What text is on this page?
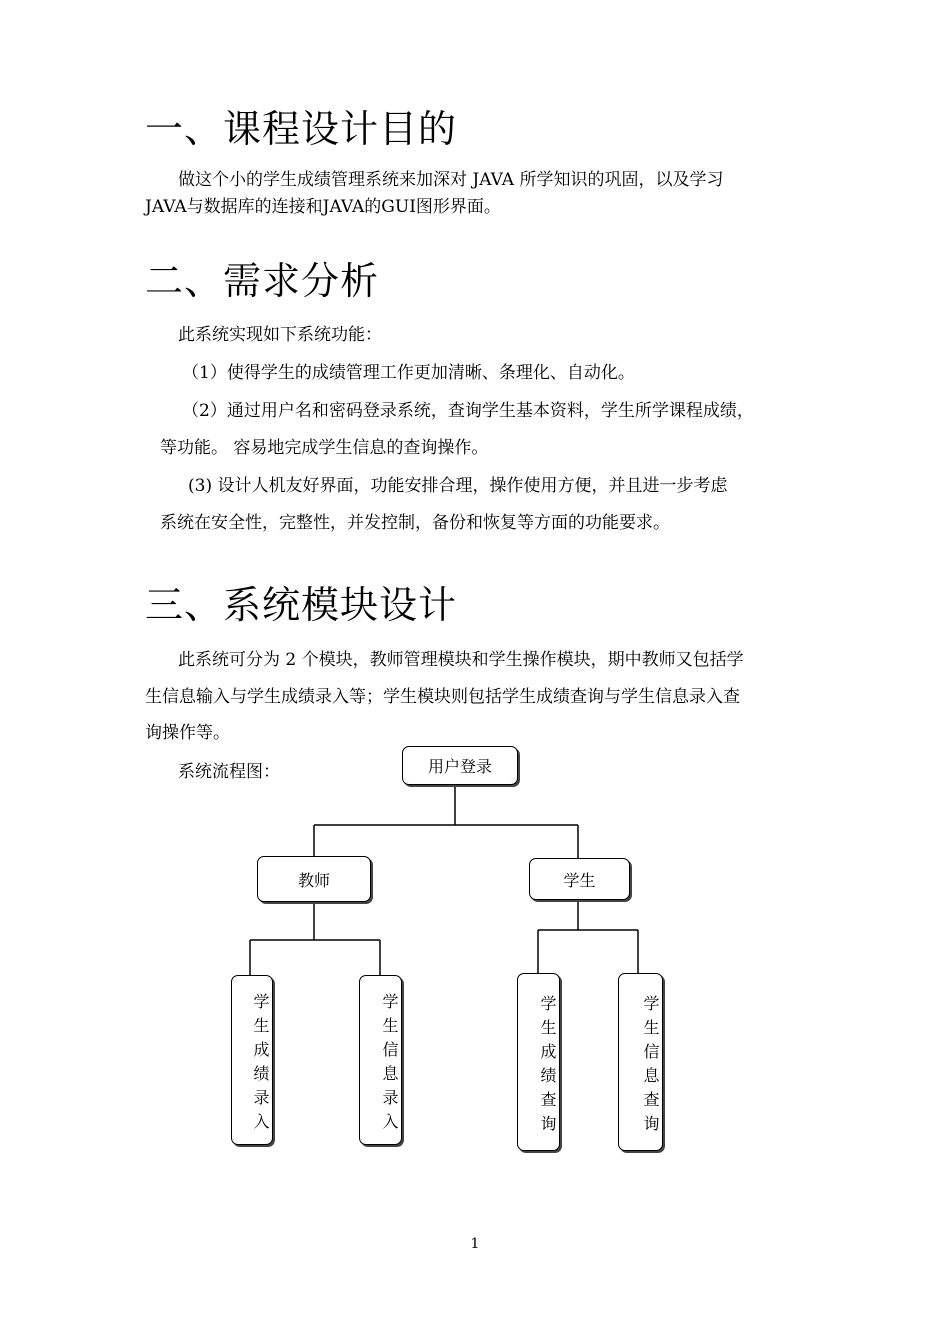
一、课程设计目的

做这个小的学生成绩管理系统来加深对 JAVA 所学知识的巩固，以及学习

JAVA与数据库的连接和JAVA的GUI图形界面。

二、需求分析

此系统实现如下系统功能：

（1）使得学生的成绩管理工作更加清晰、条理化、自动化。

（2）通过用户名和密码登录系统，查询学生基本资料，学生所学课程成绩，

等功能。 容易地完成学生信息的查询操作。

(3) 设计人机友好界面，功能安排合理，操作使用方便，并且进一步考虑

系统在安全性，完整性，并发控制，备份和恢复等方面的功能要求。

三、系统模块设计

此系统可分为 2 个模块，教师管理模块和学生操作模块，期中教师又包括学

生信息输入与学生成绩录入等；学生模块则包括学生成绩查询与学生信息录入查

询操作等。

系统流程图：	用户登录
教师	学生
学生成绩录入	学生信息录入	学生成绩查询	学生信息查询
1
